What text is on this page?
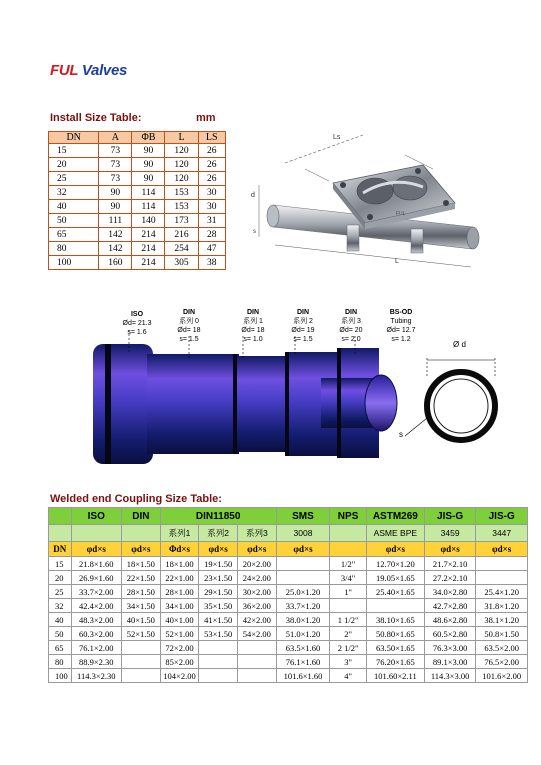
FUL Valves
Install Size Table:	mm
DN	A	ΦB	L	LS
15	73	90	120	26
20	73	90	120	26
25	73	90	120	26
32	90	114	153	30
40	90	114	153	30
50	111	140	173	31
65	142	214	216	28
80	142	214	254	47
100	160	214	305	38
FUL
Ls
d
s
L
ISO
Ød= 21.3
s= 1.6
DIN
系列 0
Ød= 18
s= 1.5
DIN
系列 1
Ød= 18
s= 1.0
DIN
系列 2
Ød= 19
s= 1.5
DIN
系列 3
Ød= 20
s= 2.0
BS-OD
Tubing
Ød= 12.7
s= 1.2
Ø d
s
Welded end Coupling Size Table:
	ISO	DIN	DIN11850			SMS	NPS	ASTM269	JIS-G	JIS-G
			系列1	系列2	系列3	3008		ASME BPE	3459	3447
DN	φd×s	φd×s	Φd×s	φd×s	φd×s	φd×s		φd×s	φd×s	φd×s
15	21.8×1.60	18×1.50	18×1.00	19×1.50	20×2.00		1/2"	12.70×1.20	21.7×2.10	
20	26.9×1.60	22×1.50	22×1.00	23×1.50	24×2.00		3/4"	19.05×1.65	27.2×2.10	
25	33.7×2.00	28×1.50	28×1.00	29×1.50	30×2.00	25.0×1.20	1"	25.40×1.65	34.0×2.80	25.4×1.20
32	42.4×2.00	34×1.50	34×1.00	35×1.50	36×2.00	33.7×1.20			42.7×2.80	31.8×1.20
40	48.3×2.00	40×1.50	40×1.00	41×1.50	42×2.00	38.0×1.20	1 1/2"	38.10×1.65	48.6×2.80	38.1×1.20
50	60.3×2.00	52×1.50	52×1.00	53×1.50	54×2.00	51.0×1.20	2"	50.80×1.65	60.5×2.80	50.8×1.50
65	76.1×2.00		72×2.00			63.5×1.60	2 1/2"	63.50×1.65	76.3×3.00	63.5×2.00
80	88.9×2.30		85×2.00			76.1×1.60	3"	76.20×1.65	89.1×3.00	76.5×2.00
100	114.3×2.30		104×2.00			101.6×1.60	4"	101.60×2.11	114.3×3.00	101.6×2.00
